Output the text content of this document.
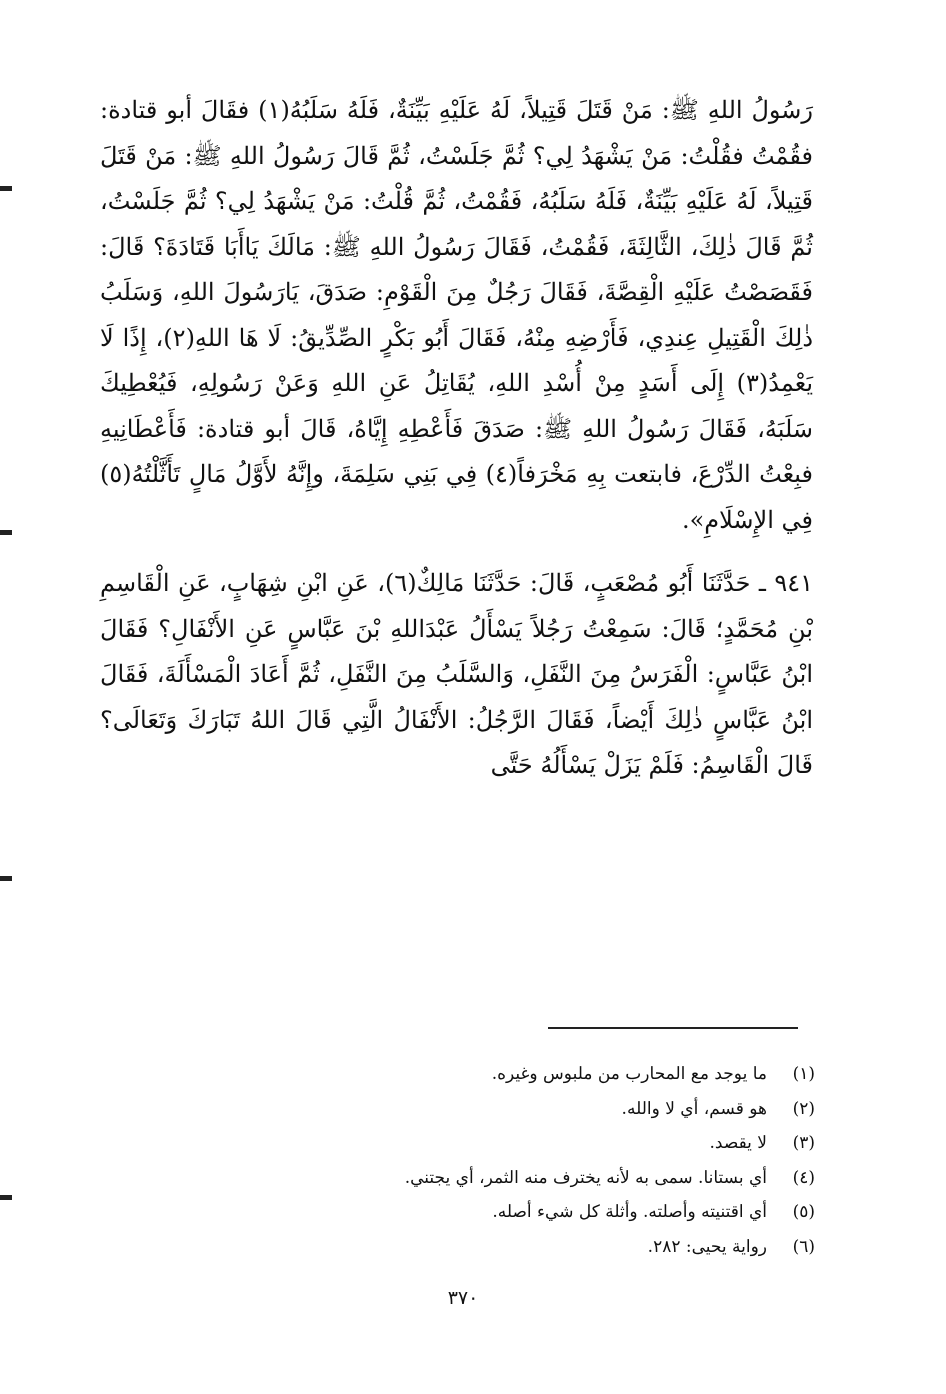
رَسُولُ اللهِ ﷺ: مَنْ قَتَلَ قَتِيلاً، لَهُ عَلَيْهِ بَيِّنَةٌ، فَلَهُ سَلَبُهُ(١) فقَالَ أبو قتادة: فقُمْتُ فقُلْتُ: مَنْ يَشْهَدُ لِي؟ ثُمَّ جَلَسْتُ، ثُمَّ قَالَ رَسُولُ اللهِ ﷺ: مَنْ قَتَلَ قَتِيلاً، لَهُ عَلَيْهِ بَيِّنَةٌ، فَلَهُ سَلَبُهُ، فَقُمْتُ، ثُمَّ قُلْتُ: مَنْ يَشْهَدُ لِي؟ ثُمَّ جَلَسْتُ، ثُمَّ قَالَ ذٰلِكَ، الثَّالِثَةَ، فَقُمْتُ، فَقَالَ رَسُولُ اللهِ ﷺ: مَالَكَ يَاأَبَا قَتَادَةَ؟ قَالَ: فَقَصَصْتُ عَلَيْهِ الْقِصَّةَ، فَقَالَ رَجُلٌ مِنَ الْقَوْمِ: صَدَقَ، يَارَسُولَ اللهِ، وَسَلَبُ ذٰلِكَ الْقَتِيلِ عِندِي، فَأَرْضِهِ مِنْهُ، فَقَالَ أَبُو بَكْرٍ الصِّدِّيقُ: لَا هَا اللهِ(٢)، إِذًا لَا يَعْمِدُ(٣) إِلَى أَسَدٍ مِنْ أُسْدِ اللهِ، يُقَاتِلُ عَنِ اللهِ وَعَنْ رَسُولِهِ، فَيُعْطِيكَ سَلَبَهُ، فَقَالَ رَسُولُ اللهِ ﷺ: صَدَقَ فَأَعْطِهِ إِيَّاهُ، قَالَ أبو قتادة: فَأَعْطَانِيهِ فبِعْتُ الدِّرْعَ، فابتعت بِهِ مَخْرَفاً(٤) فِي بَنِي سَلِمَةَ، وإِنَّهُ لأَوَّلُ مَالٍ تَأَثَّلْتُهُ(٥) فِي الإِسْلَامِ».

٩٤١ ـ حَدَّثَنَا أَبُو مُصْعَبٍ، قَالَ: حَدَّثَنَا مَالِكٌ(٦)، عَنِ ابْنِ شِهَابٍ، عَنِ الْقَاسِمِ بْنِ مُحَمَّدٍ؛ قَالَ: سَمِعْتُ رَجُلاً يَسْأَلُ عَبْدَاللهِ بْنَ عَبَّاسٍ عَنِ الأَنْفَالِ؟ فَقَالَ ابْنُ عَبَّاسٍ: الْفَرَسُ مِنَ النَّفَلِ، وَالسَّلَبُ مِنَ النَّفَلِ، ثُمَّ أَعَادَ الْمَسْأَلَةَ، فَقَالَ ابْنُ عَبَّاسٍ ذٰلِكَ أَيْضاً، فَقَالَ الرَّجُلُ: الأَنْفَالُ الَّتِي قَالَ اللهُ تَبَارَكَ وَتَعَالَى؟ قَالَ الْقَاسِمُ: فَلَمْ يَزَلْ يَسْأَلُهُ حَتَّى

(١)
ما يوجد مع المحارب من ملبوس وغيره.
(٢)
هو قسم، أي لا والله.
(٣)
لا يقصد.
(٤)
أي بستانا. سمى به لأنه يخترف منه الثمر، أي يجتني.
(٥)
أي اقتنيته وأصلته. وأثلة كل شيء أصله.
(٦)
رواية يحيى: ٢٨٢.
٣٧٠
